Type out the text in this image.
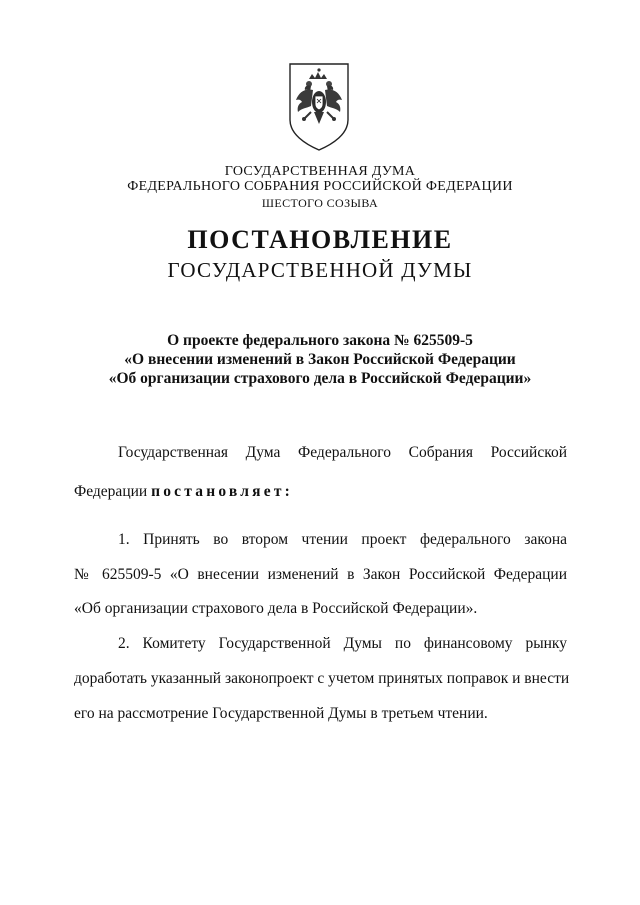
ГОСУДАРСТВЕННАЯ ДУМА
ФЕДЕРАЛЬНОГО СОБРАНИЯ РОССИЙСКОЙ ФЕДЕРАЦИИ
ШЕСТОГО СОЗЫВА
ПОСТАНОВЛЕНИЕ
ГОСУДАРСТВЕННОЙ ДУМЫ
О проекте федерального закона № 625509-5
«О внесении изменений в Закон Российской Федерации
«Об организации страхового дела в Российской Федерации»
Государственная Дума Федерального Собрания Российской
Федерации постановляет:
1. Принять во втором чтении проект федерального закона
№ 625509-5 «О внесении изменений в Закон Российской Федерации
«Об организации страхового дела в Российской Федерации».
2. Комитету Государственной Думы по финансовому рынку
доработать указанный законопроект с учетом принятых поправок и внести
его на рассмотрение Государственной Думы в третьем чтении.
